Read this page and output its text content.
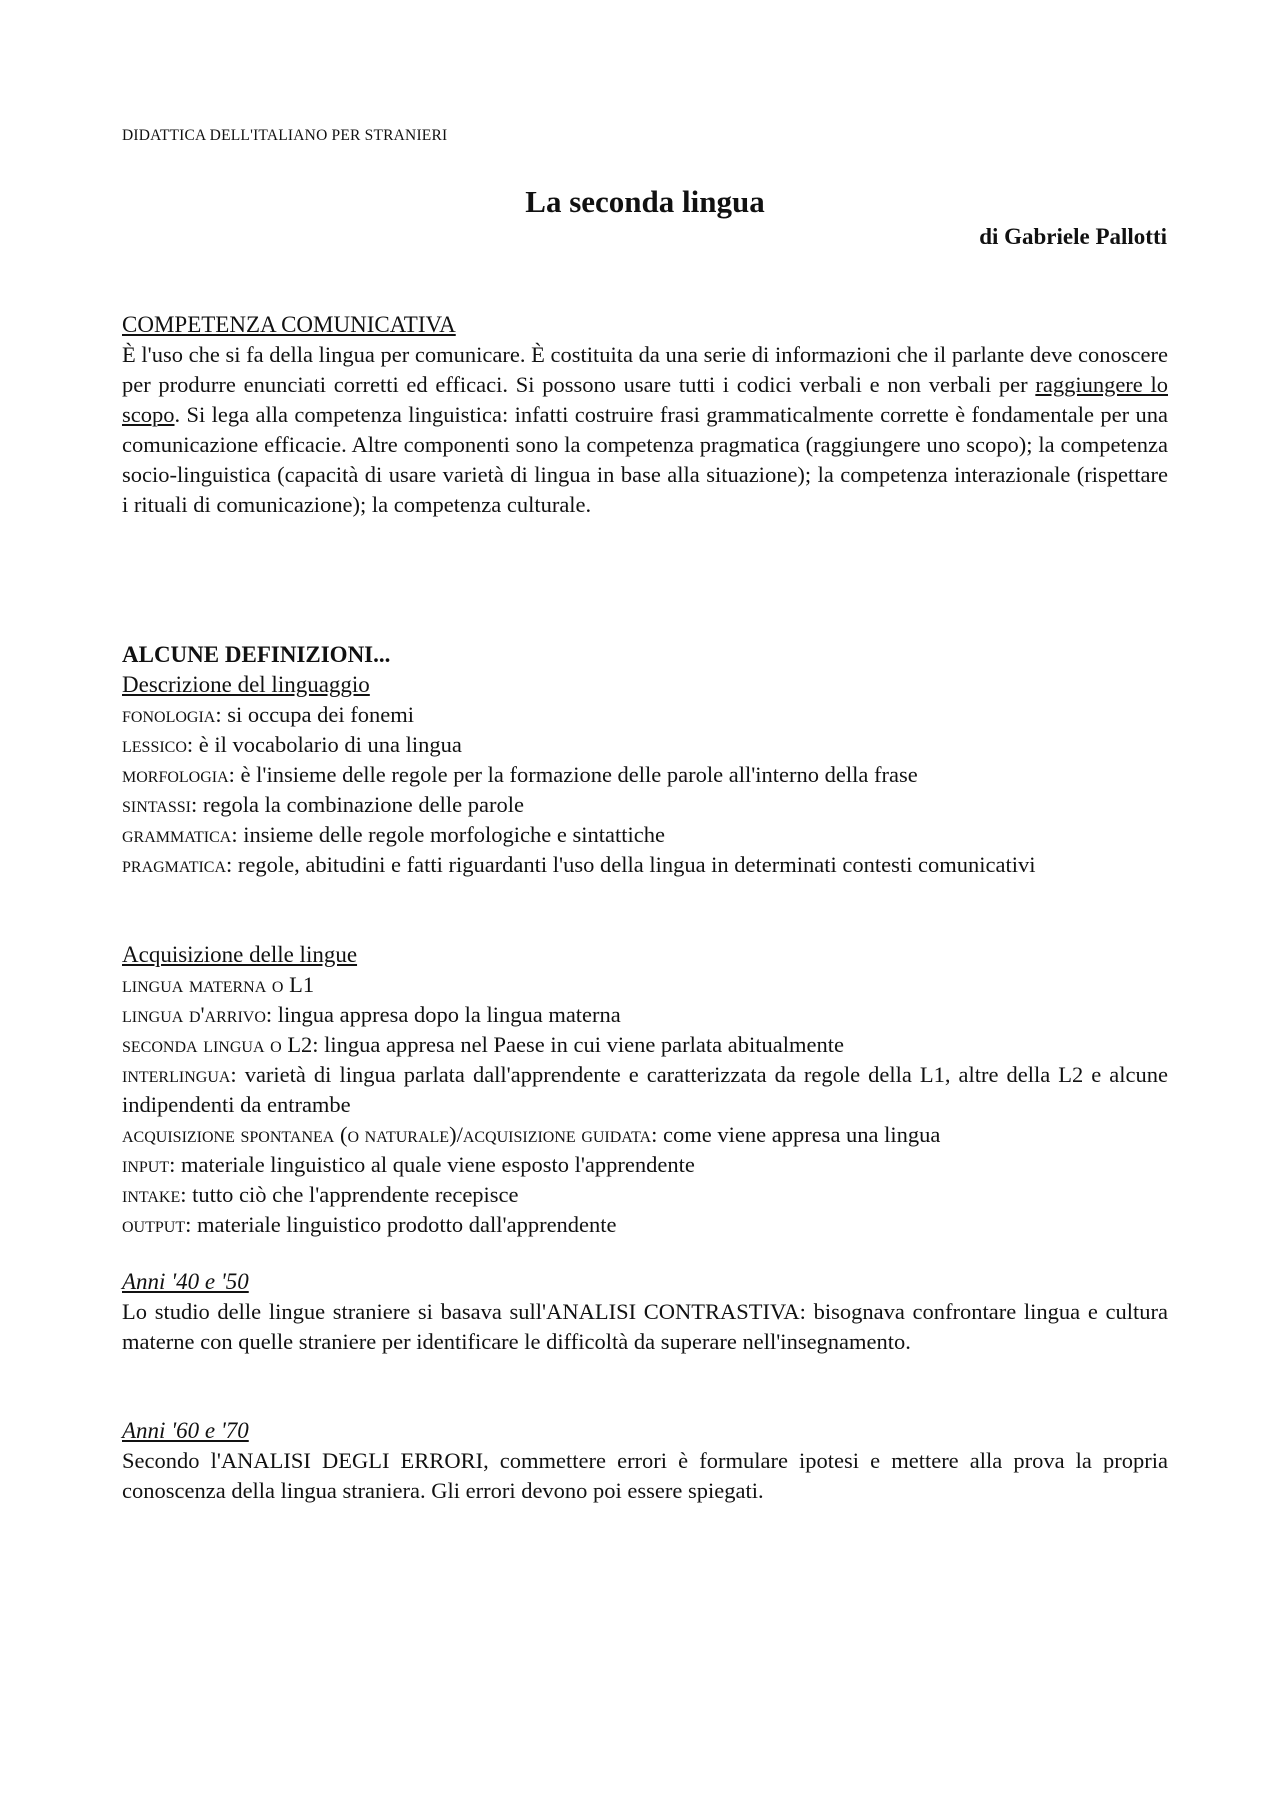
DIDATTICA DELL'ITALIANO PER STRANIERI
La seconda lingua
di Gabriele Pallotti
COMPETENZA COMUNICATIVA

È l'uso che si fa della lingua per comunicare. È costituita da una serie di informazioni che il parlante deve conoscere per produrre enunciati corretti ed efficaci. Si possono usare tutti i codici verbali e non verbali per raggiungere lo scopo. Si lega alla competenza linguistica: infatti costruire frasi grammaticalmente corrette è fondamentale per una comunicazione efficacie. Altre componenti sono la competenza pragmatica (raggiungere uno scopo); la competenza socio-linguistica (capacità di usare varietà di lingua in base alla situazione); la competenza interazionale (rispettare i rituali di comunicazione); la competenza culturale.

ALCUNE DEFINIZIONI...
Descrizione del linguaggio
fonologia: si occupa dei fonemi
lessico: è il vocabolario di una lingua
morfologia: è l'insieme delle regole per la formazione delle parole all'interno della frase
sintassi: regola la combinazione delle parole
grammatica: insieme delle regole morfologiche e sintattiche
pragmatica: regole, abitudini e fatti riguardanti l'uso della lingua in determinati contesti comunicativi
Acquisizione delle lingue
lingua materna o L1
lingua d'arrivo: lingua appresa dopo la lingua materna
seconda lingua o L2: lingua appresa nel Paese in cui viene parlata abitualmente
interlingua: varietà di lingua parlata dall'apprendente e caratterizzata da regole della L1, altre della L2 e alcune indipendenti da entrambe
acquisizione spontanea (o naturale)/acquisizione guidata: come viene appresa una lingua
input: materiale linguistico al quale viene esposto l'apprendente
intake: tutto ciò che l'apprendente recepisce
output: materiale linguistico prodotto dall'apprendente
Anni '40 e '50

Lo studio delle lingue straniere si basava sull'ANALISI CONTRASTIVA: bisognava confrontare lingua e cultura materne con quelle straniere per identificare le difficoltà da superare nell'insegnamento.

Anni '60 e '70

Secondo l'ANALISI DEGLI ERRORI, commettere errori è formulare ipotesi e mettere alla prova la propria conoscenza della lingua straniera. Gli errori devono poi essere spiegati.
